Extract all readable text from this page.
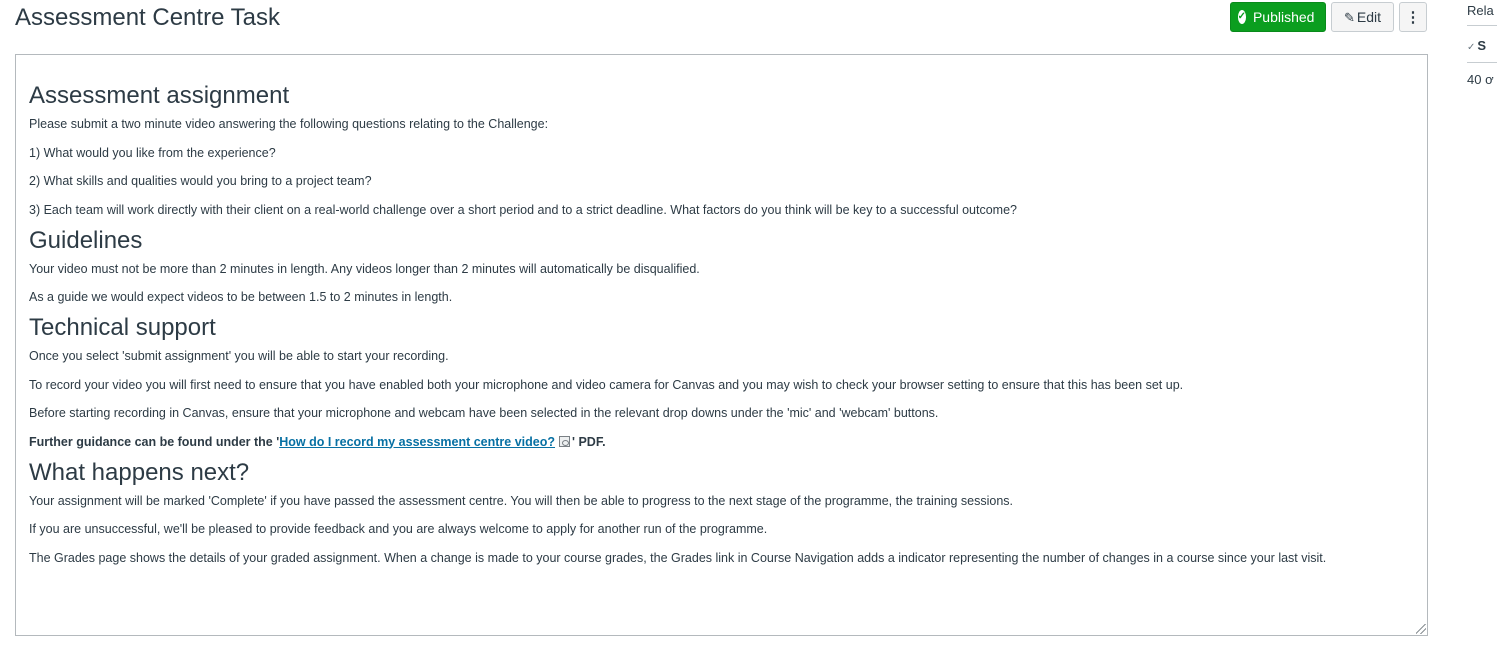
Assessment Centre Task	✓ Published ✎ Edit ⋮
Assessment assignment

Please submit a two minute video answering the following questions relating to the Challenge:

1) What would you like from the experience?

2) What skills and qualities would you bring to a project team?

3) Each team will work directly with their client on a real-world challenge over a short period and to a strict deadline. What factors do you think will be key to a successful outcome?

Guidelines

Your video must not be more than 2 minutes in length. Any videos longer than 2 minutes will automatically be disqualified.

As a guide we would expect videos to be between 1.5 to 2 minutes in length.

Technical support

Once you select 'submit assignment' you will be able to start your recording.

To record your video you will first need to ensure that you have enabled both your microphone and video camera for Canvas and you may wish to check your browser setting to ensure that this has been set up.

Before starting recording in Canvas, ensure that your microphone and webcam have been selected in the relevant drop downs under the 'mic' and 'webcam' buttons.

Further guidance can be found under the 'How do I record my assessment centre video? ' PDF.

What happens next?

Your assignment will be marked 'Complete' if you have passed the assessment centre. You will then be able to progress to the next stage of the programme, the training sessions.

If you are unsuccessful, we'll be pleased to provide feedback and you are always welcome to apply for another run of the programme.

The Grades page shows the details of your graded assignment. When a change is made to your course grades, the Grades link in Course Navigation adds a indicator representing the number of changes in a course since your last visit.

Rela
✓ S
40 ơ
